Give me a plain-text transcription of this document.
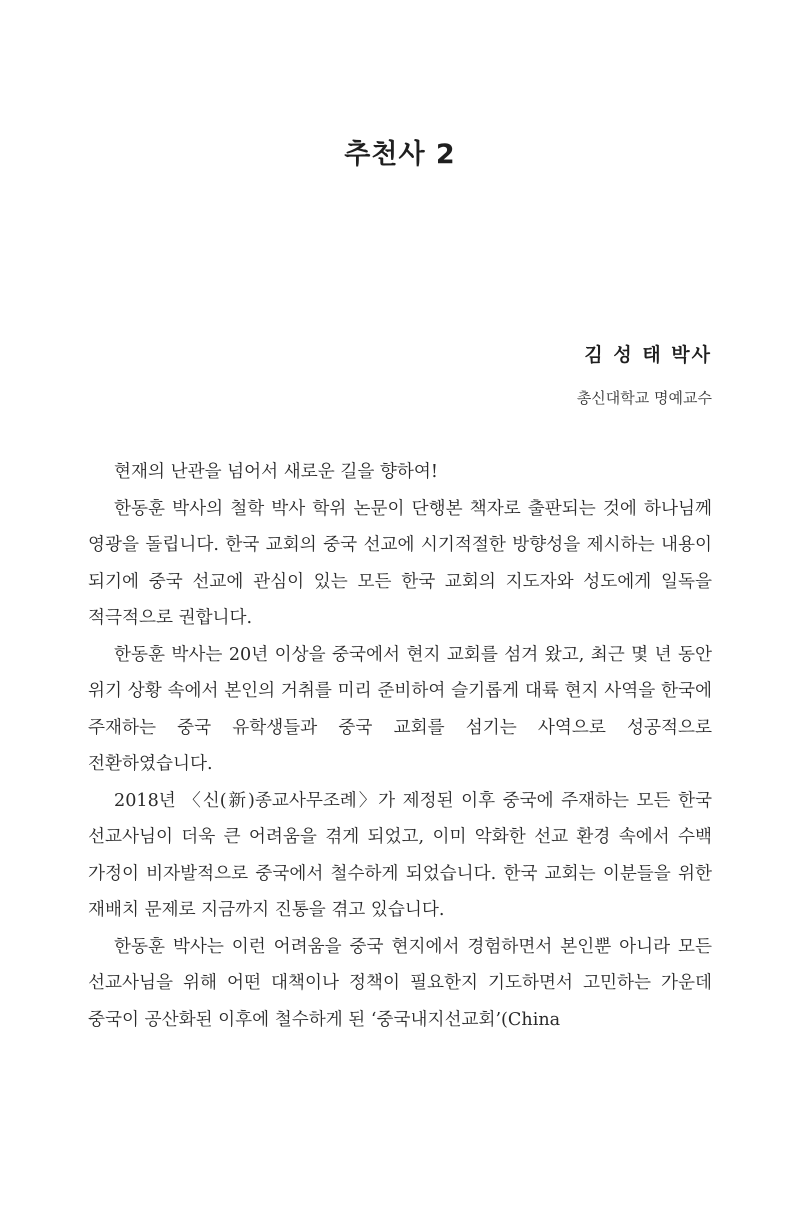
추천사 2
김 성 태 박사
총신대학교 명예교수

현재의 난관을 넘어서 새로운 길을 향하여!

한동훈 박사의 철학 박사 학위 논문이 단행본 책자로 출판되는 것에 하나님께 영광을 돌립니다. 한국 교회의 중국 선교에 시기적절한 방향성을 제시하는 내용이 되기에 중국 선교에 관심이 있는 모든 한국 교회의 지도자와 성도에게 일독을 적극적으로 권합니다.

한동훈 박사는 20년 이상을 중국에서 현지 교회를 섬겨 왔고, 최근 몇 년 동안 위기 상황 속에서 본인의 거취를 미리 준비하여 슬기롭게 대륙 현지 사역을 한국에 주재하는 중국 유학생들과 중국 교회를 섬기는 사역으로 성공적으로 전환하였습니다.

2018년 〈신(新)종교사무조례〉가 제정된 이후 중국에 주재하는 모든 한국 선교사님이 더욱 큰 어려움을 겪게 되었고, 이미 악화한 선교 환경 속에서 수백 가정이 비자발적으로 중국에서 철수하게 되었습니다. 한국 교회는 이분들을 위한 재배치 문제로 지금까지 진통을 겪고 있습니다.

한동훈 박사는 이런 어려움을 중국 현지에서 경험하면서 본인뿐 아니라 모든 선교사님을 위해 어떤 대책이나 정책이 필요한지 기도하면서 고민하는 가운데 중국이 공산화된 이후에 철수하게 된 ‘중국내지선교회’(China
